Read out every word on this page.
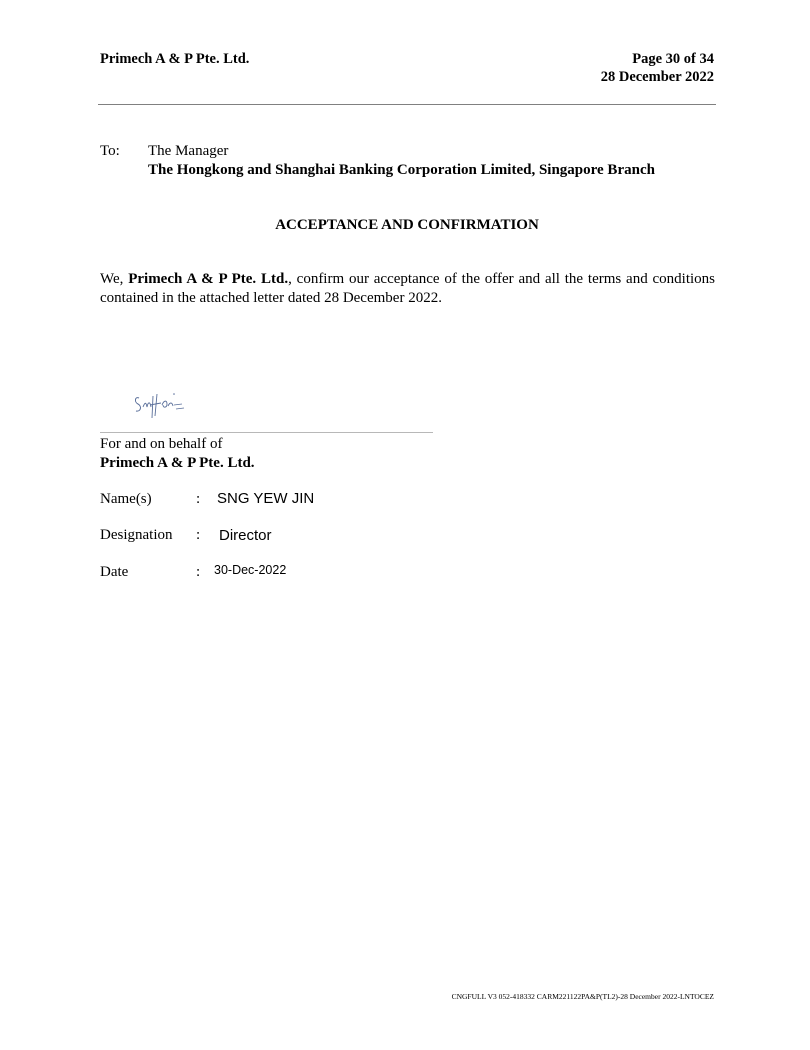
Primech A & P Pte. Ltd.	Page 30 of 34
28 December 2022
To: The Manager
The Hongkong and Shanghai Banking Corporation Limited, Singapore Branch
ACCEPTANCE AND CONFIRMATION
We, Primech A & P Pte. Ltd., confirm our acceptance of the offer and all the terms and conditions contained in the attached letter dated 28 December 2022.
For and on behalf of
Primech A & P Pte. Ltd.
Name(s)	: SNG YEW JIN
Designation : Director
Date	: 30-Dec-2022
CNGFULL V3 052-418332 CARM221122PA&P(TL2)-28 December 2022-LNTOCEZ
